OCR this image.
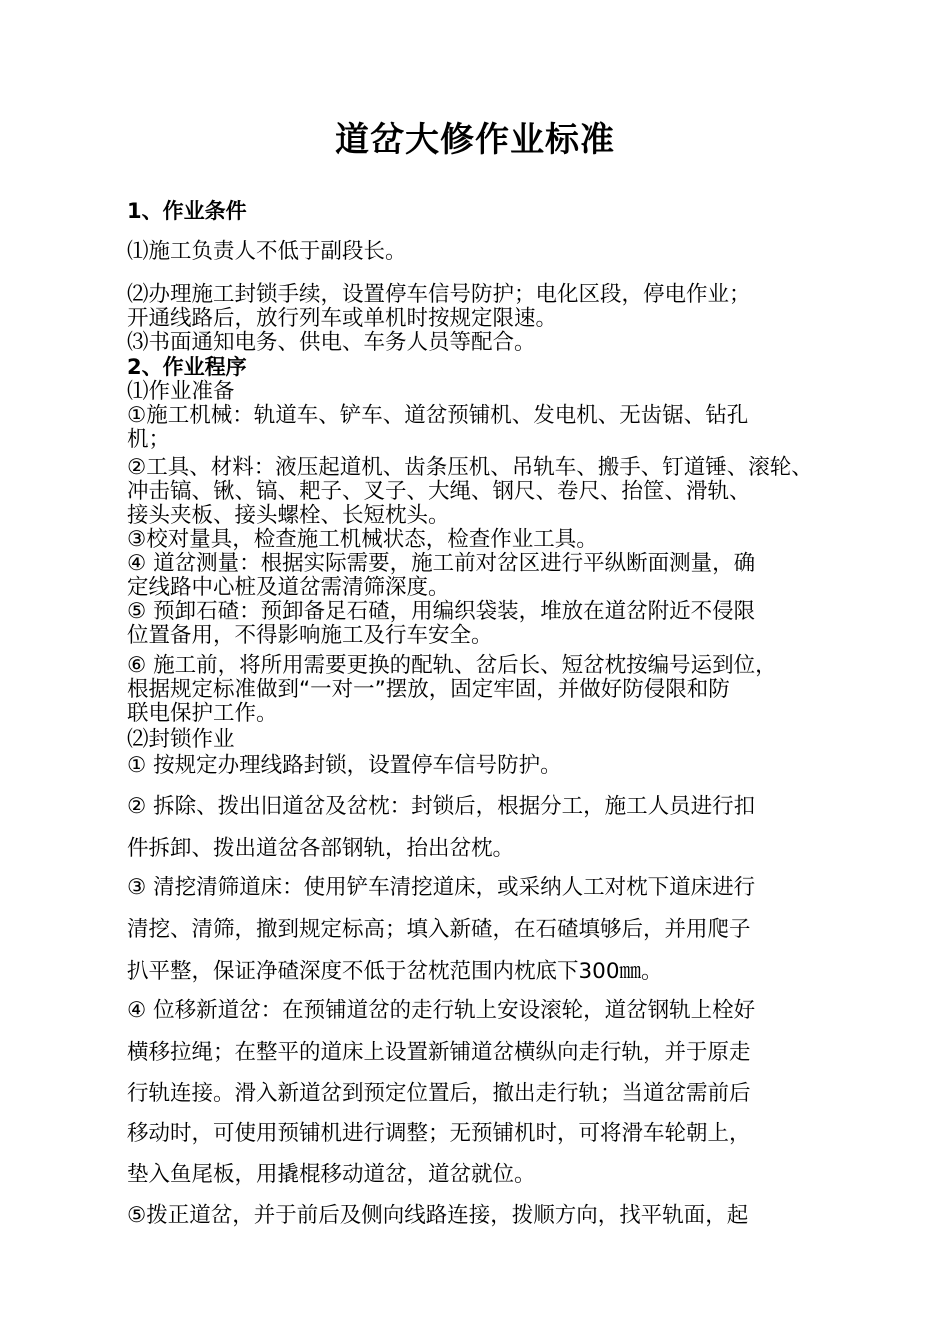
道岔大修作业标准

1、作业条件

⑴施工负责人不低于副段长。

⑵办理施工封锁手续，设置停车信号防护；电化区段，停电作业；

开通线路后，放行列车或单机时按规定限速。

⑶书面通知电务、供电、车务人员等配合。

2、作业程序

⑴作业准备

①施工机械：轨道车、铲车、道岔预铺机、发电机、无齿锯、钻孔

机；

②工具、材料：液压起道机、齿条压机、吊轨车、搬手、钉道锤、滚轮、

冲击镐、锹、镐、耙子、叉子、大绳、钢尺、卷尺、抬筐、滑轨、

接头夹板、接头螺栓、长短枕头。

③校对量具，检查施工机械状态，检查作业工具。

④ 道岔测量：根据实际需要，施工前对岔区进行平纵断面测量，确

定线路中心桩及道岔需清筛深度。

⑤ 预卸石碴：预卸备足石碴，用编织袋装，堆放在道岔附近不侵限

位置备用，不得影响施工及行车安全。

⑥ 施工前，将所用需要更换的配轨、岔后长、短岔枕按编号运到位，

根据规定标准做到“一对一”摆放，固定牢固，并做好防侵限和防

联电保护工作。

⑵封锁作业

① 按规定办理线路封锁，设置停车信号防护。

② 拆除、拨出旧道岔及岔枕：封锁后，根据分工，施工人员进行扣

件拆卸、拨出道岔各部钢轨，抬出岔枕。

③ 清挖清筛道床：使用铲车清挖道床，或采纳人工对枕下道床进行

清挖、清筛，撤到规定标高；填入新碴，在石碴填够后，并用爬子

扒平整，保证净碴深度不低于岔枕范围内枕底下300㎜。

④ 位移新道岔：在预铺道岔的走行轨上安设滚轮，道岔钢轨上栓好

横移拉绳；在整平的道床上设置新铺道岔横纵向走行轨，并于原走

行轨连接。滑入新道岔到预定位置后，撤出走行轨；当道岔需前后

移动时，可使用预铺机进行调整；无预铺机时，可将滑车轮朝上，

垫入鱼尾板，用撬棍移动道岔，道岔就位。

⑤拨正道岔，并于前后及侧向线路连接，拨顺方向，找平轨面，起
